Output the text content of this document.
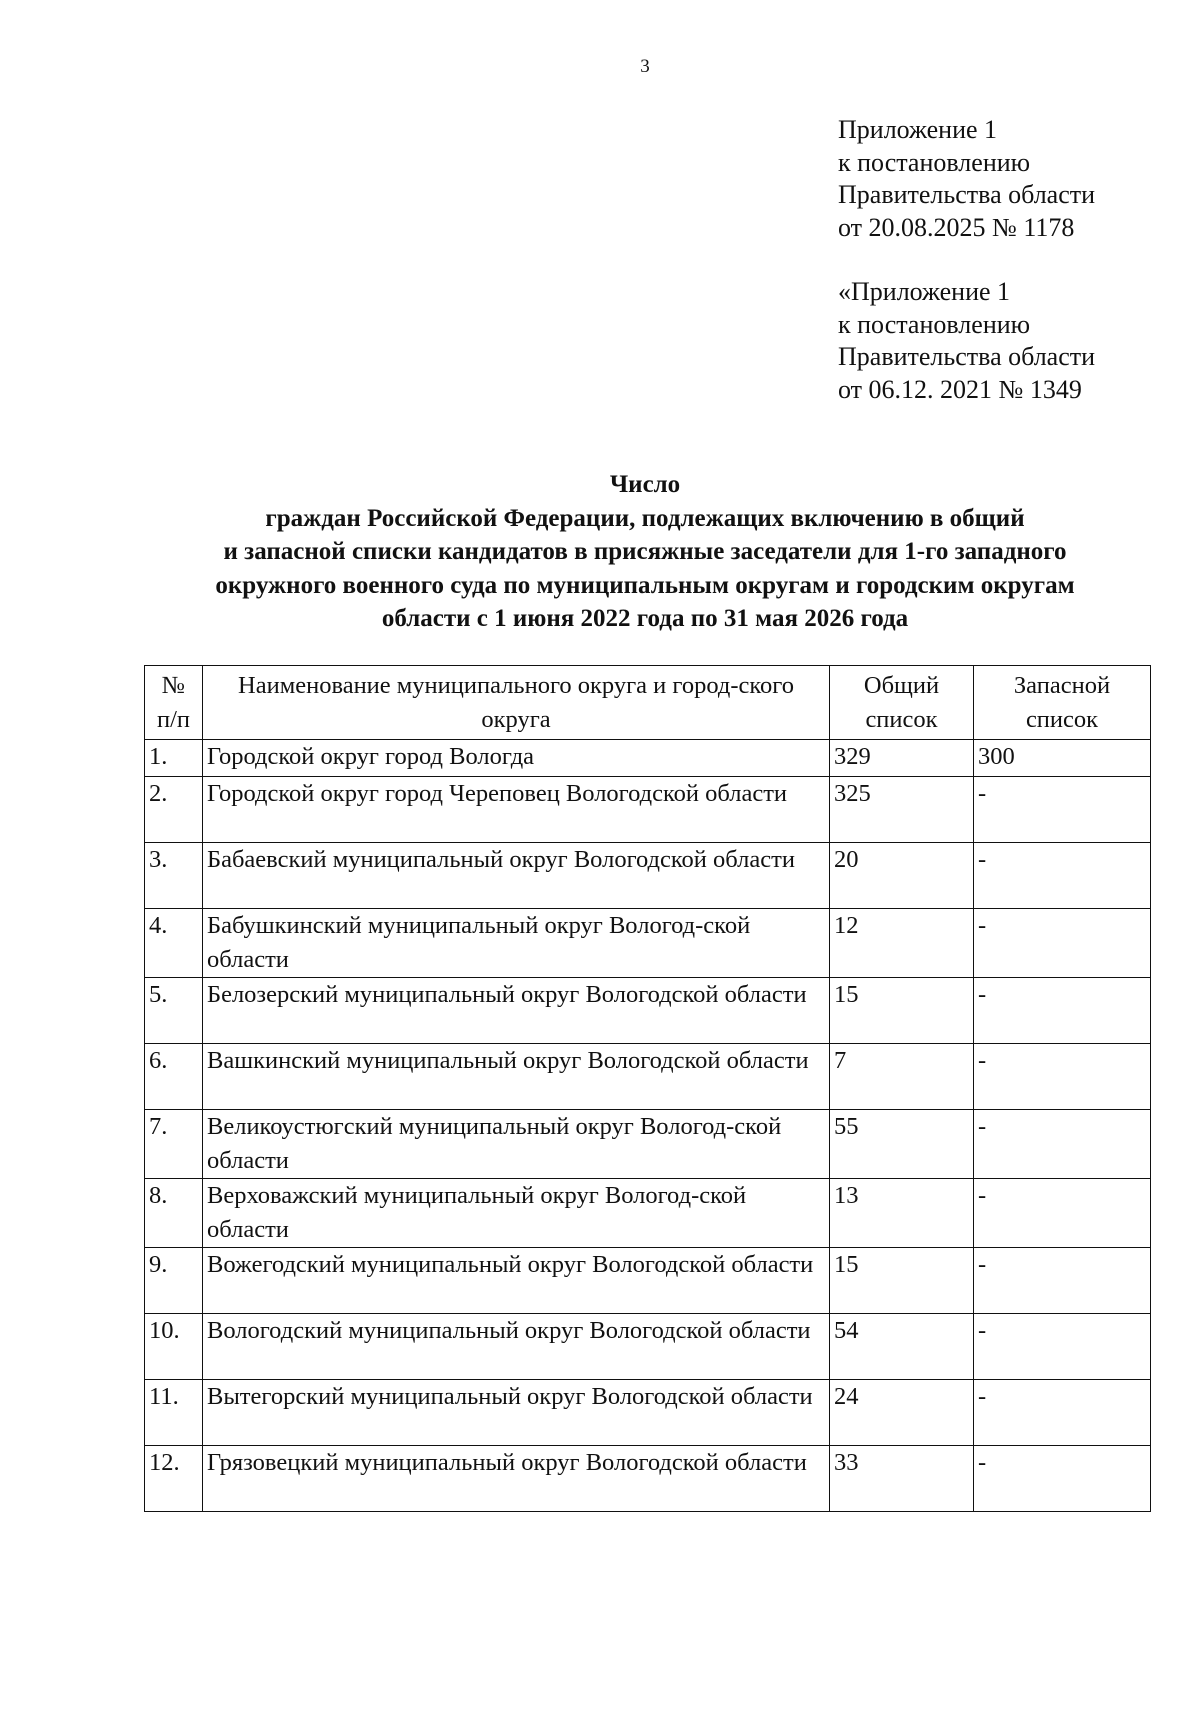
3
Приложение 1
к постановлению
Правительства области
от 20.08.2025 № 1178
«Приложение 1
к постановлению
Правительства области
от 06.12. 2021 № 1349
Число
граждан Российской Федерации, подлежащих включению в общий
и запасной списки кандидатов в присяжные заседатели для 1-го западного
окружного военного суда по муниципальным округам и городским округам
области с 1 июня 2022 года по 31 мая 2026 года
№ п/п	Наименование муниципального округа и город-ского округа	Общий список	Запасной список
1.	Городской округ город Вологда	329	300
2.	Городской округ город Череповец Вологодской области	325	-
3.	Бабаевский муниципальный округ Вологодской области	20	-
4.	Бабушкинский муниципальный округ Вологод-ской области	12	-
5.	Белозерский муниципальный округ Вологодской области	15	-
6.	Вашкинский муниципальный округ Вологодской области	7	-
7.	Великоустюгский муниципальный округ Вологод-ской области	55	-
8.	Верховажский муниципальный округ Вологод-ской области	13	-
9.	Вожегодский муниципальный округ Вологодской области	15	-
10.	Вологодский муниципальный округ Вологодской области	54	-
11.	Вытегорский муниципальный округ Вологодской области	24	-
12.	Грязовецкий муниципальный округ Вологодской области	33	-
